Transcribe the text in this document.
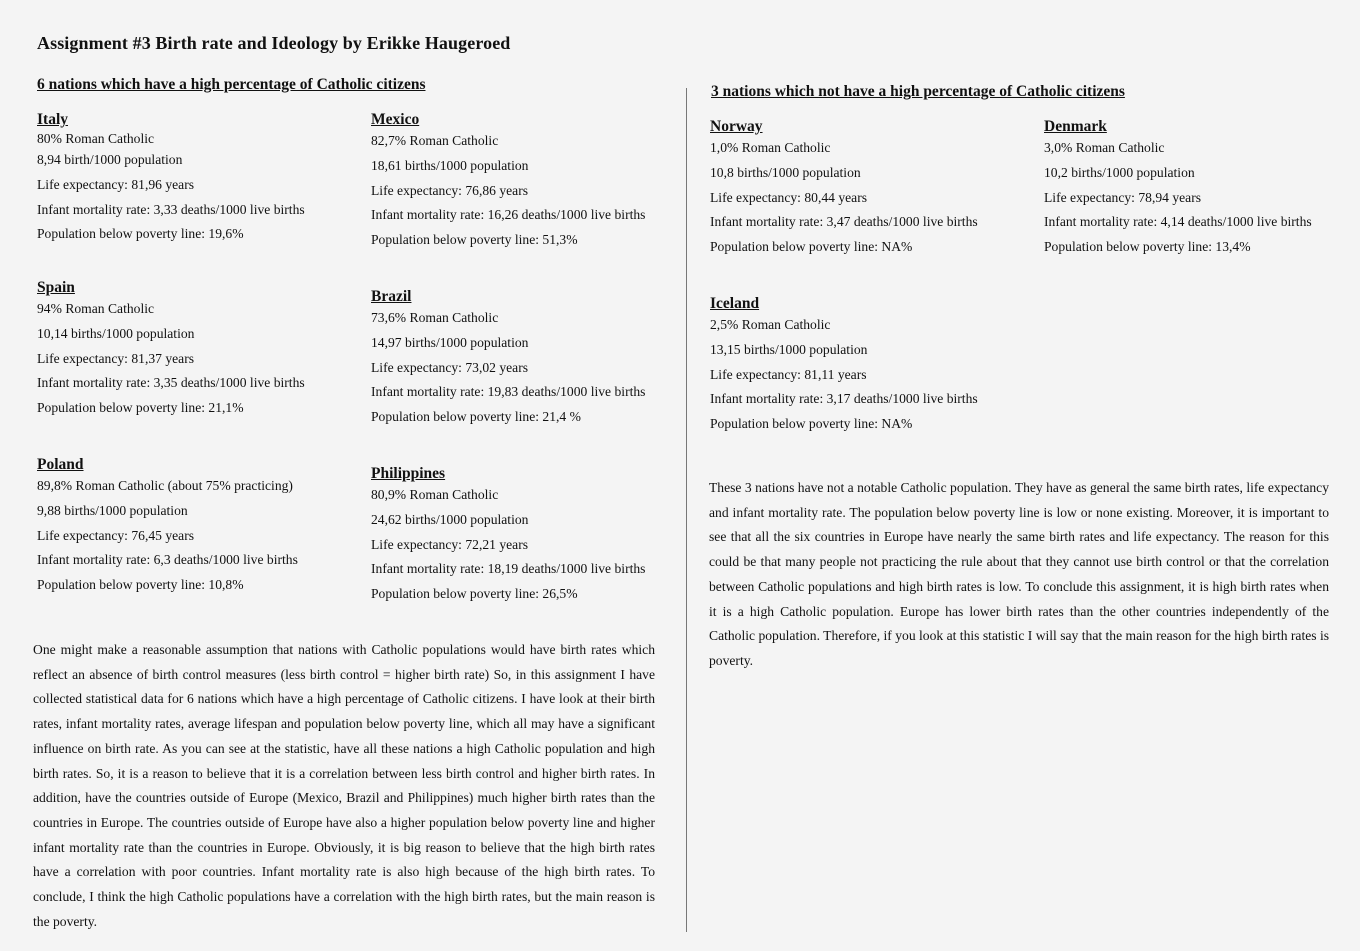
Assignment #3 Birth rate and Ideology by Erikke Haugeroed
6 nations which have a high percentage of Catholic citizens	3 nations which not have a high percentage of Catholic citizens
Italy
80% Roman Catholic
8,94 birth/1000 population
Life expectancy: 81,96 years
Infant mortality rate: 3,33 deaths/1000 live births
Population below poverty line: 19,6%
Spain
94% Roman Catholic
10,14 births/1000 population
Life expectancy: 81,37 years
Infant mortality rate: 3,35 deaths/1000 live births
Population below poverty line: 21,1%
Poland
89,8% Roman Catholic (about 75% practicing)
9,88 births/1000 population
Life expectancy: 76,45 years
Infant mortality rate: 6,3 deaths/1000 live births
Population below poverty line: 10,8%
Mexico
82,7% Roman Catholic
18,61 births/1000 population
Life expectancy: 76,86 years
Infant mortality rate: 16,26 deaths/1000 live births
Population below poverty line: 51,3%
Brazil
73,6% Roman Catholic
14,97 births/1000 population
Life expectancy: 73,02 years
Infant mortality rate: 19,83 deaths/1000 live births
Population below poverty line: 21,4 %
Philippines
80,9% Roman Catholic
24,62 births/1000 population
Life expectancy: 72,21 years
Infant mortality rate: 18,19 deaths/1000 live births
Population below poverty line: 26,5%
Norway
1,0% Roman Catholic
10,8 births/1000 population
Life expectancy: 80,44 years
Infant mortality rate: 3,47 deaths/1000 live births
Population below poverty line: NA%
Denmark
3,0% Roman Catholic
10,2 births/1000 population
Life expectancy: 78,94 years
Infant mortality rate: 4,14 deaths/1000 live births
Population below poverty line: 13,4%
Iceland
2,5% Roman Catholic
13,15 births/1000 population
Life expectancy: 81,11 years
Infant mortality rate: 3,17 deaths/1000 live births
Population below poverty line: NA%
One might make a reasonable assumption that nations with Catholic populations would have birth rates which reflect an absence of birth control measures (less birth control = higher birth rate) So, in this assignment I have collected statistical data for 6 nations which have a high percentage of Catholic citizens. I have look at their birth rates, infant mortality rates, average lifespan and population below poverty line, which all may have a significant influence on birth rate. As you can see at the statistic, have all these nations a high Catholic population and high birth rates. So, it is a reason to believe that it is a correlation between less birth control and higher birth rates. In addition, have the countries outside of Europe (Mexico, Brazil and Philippines) much higher birth rates than the countries in Europe. The countries outside of Europe have also a higher population below poverty line and higher infant mortality rate than the countries in Europe. Obviously, it is big reason to believe that the high birth rates have a correlation with poor countries. Infant mortality rate is also high because of the high birth rates. To conclude, I think the high Catholic populations have a correlation with the high birth rates, but the main reason is the poverty.
These 3 nations have not a notable Catholic population. They have as general the same birth rates, life expectancy and infant mortality rate. The population below poverty line is low or none existing. Moreover, it is important to see that all the six countries in Europe have nearly the same birth rates and life expectancy. The reason for this could be that many people not practicing the rule about that they cannot use birth control or that the correlation between Catholic populations and high birth rates is low. To conclude this assignment, it is high birth rates when it is a high Catholic population. Europe has lower birth rates than the other countries independently of the Catholic population. Therefore, if you look at this statistic I will say that the main reason for the high birth rates is poverty.
